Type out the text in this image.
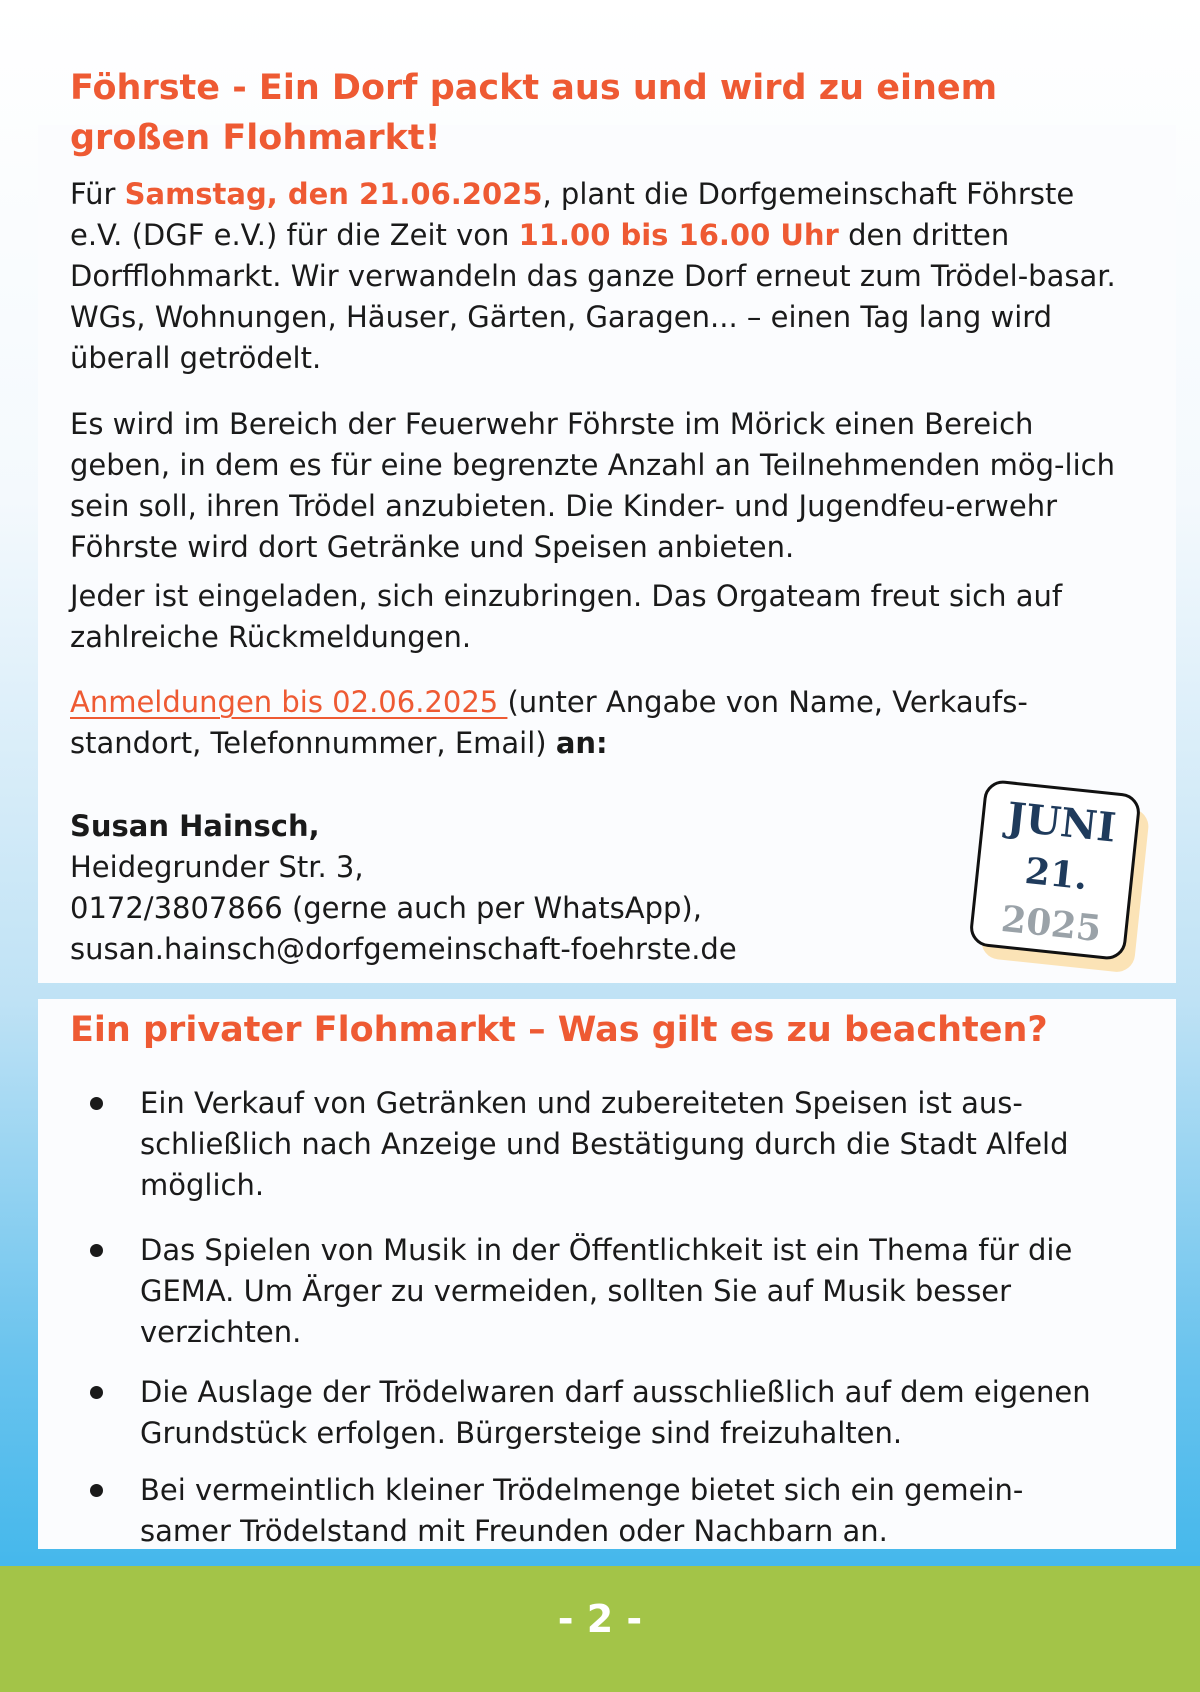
Föhrste - Ein Dorf packt aus und wird zu einem großen Flohmarkt!

Für Samstag, den 21.06.2025, plant die Dorfgemeinschaft Föhrste e.V. (DGF e.V.) für die Zeit von 11.00 bis 16.00 Uhr den dritten Dorfflohmarkt. Wir verwandeln das ganze Dorf erneut zum Trödel-basar. WGs, Wohnungen, Häuser, Gärten, Garagen... – einen Tag lang wird überall getrödelt.

Es wird im Bereich der Feuerwehr Föhrste im Mörick einen Bereich geben, in dem es für eine begrenzte Anzahl an Teilnehmenden mög-lich sein soll, ihren Trödel anzubieten. Die Kinder- und Jugendfeu-erwehr Föhrste wird dort Getränke und Speisen anbieten.

Jeder ist eingeladen, sich einzubringen. Das Orgateam freut sich auf zahlreiche Rückmeldungen.

Anmeldungen bis 02.06.2025 (unter Angabe von Name, Verkaufs-standort, Telefonnummer, Email) an:

Susan Hainsch,
Heidegrunder Str. 3,
0172/3807866 (gerne auch per WhatsApp),
susan.hainsch@dorfgemeinschaft-foehrste.de
JUNI
21.
2025
Ein privater Flohmarkt – Was gilt es zu beachten?
Ein Verkauf von Getränken und zubereiteten Speisen ist aus-schließlich nach Anzeige und Bestätigung durch die Stadt Alfeld möglich.
Das Spielen von Musik in der Öffentlichkeit ist ein Thema für die GEMA. Um Ärger zu vermeiden, sollten Sie auf Musik besser verzichten.
Die Auslage der Trödelwaren darf ausschließlich auf dem eigenen Grundstück erfolgen. Bürgersteige sind freizuhalten.
Bei vermeintlich kleiner Trödelmenge bietet sich ein gemein-samer Trödelstand mit Freunden oder Nachbarn an.
- 2 -
